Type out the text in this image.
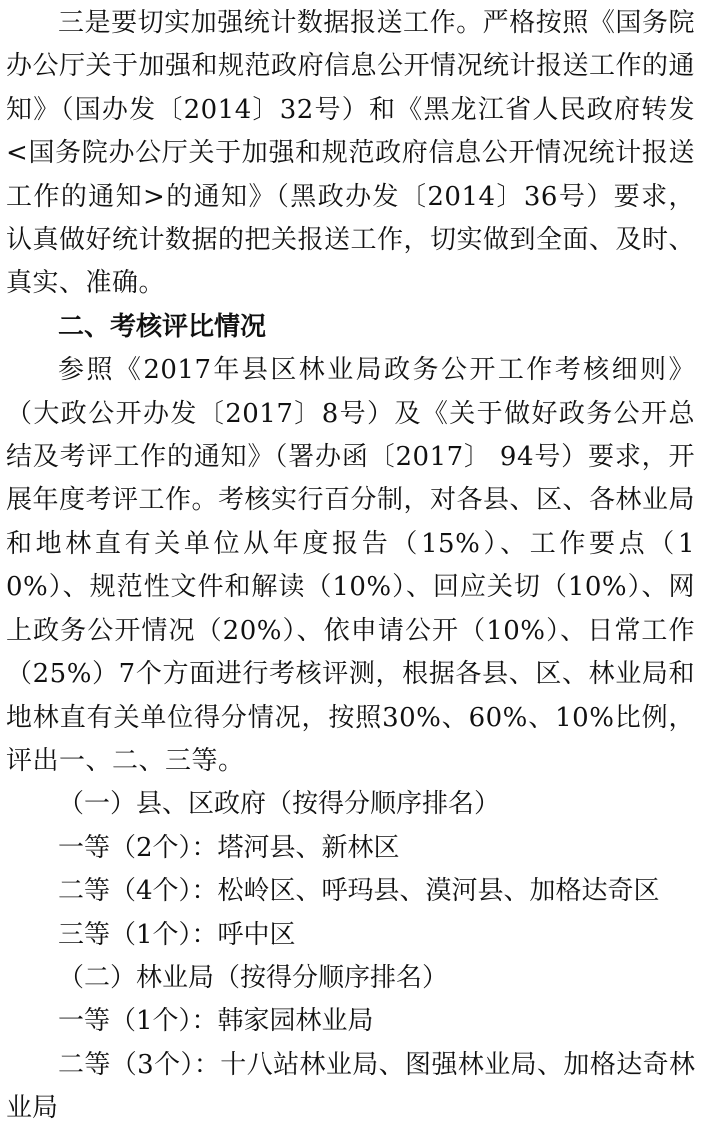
三是要切实加强统计数据报送工作。严格按照《国务院办公厅关于加强和规范政府信息公开情况统计报送工作的通知》（国办发〔2014〕32号）和《黑龙江省人民政府转发<国务院办公厅关于加强和规范政府信息公开情况统计报送工作的通知>的通知》（黑政办发〔2014〕36号）要求，认真做好统计数据的把关报送工作，切实做到全面、及时、真实、准确。

二、考核评比情况

参照《2017年县区林业局政务公开工作考核细则》（大政公开办发〔2017〕8号）及《关于做好政务公开总结及考评工作的通知》（署办函〔2017〕 94号）要求，开展年度考评工作。考核实行百分制，对各县、区、各林业局和地林直有关单位从年度报告（15%）、工作要点（10%）、规范性文件和解读（10%）、回应关切（10%）、网上政务公开情况（20%）、依申请公开（10%）、日常工作（25%）7个方面进行考核评测，根据各县、区、林业局和地林直有关单位得分情况，按照30%、60%、10%比例，评出一、二、三等。

（一）县、区政府（按得分顺序排名）

一等（2个）：塔河县、新林区

二等（4个）：松岭区、呼玛县、漠河县、加格达奇区

三等（1个）：呼中区

（二）林业局（按得分顺序排名）

一等（1个）：韩家园林业局

二等（3个）：十八站林业局、图强林业局、加格达奇林业局
